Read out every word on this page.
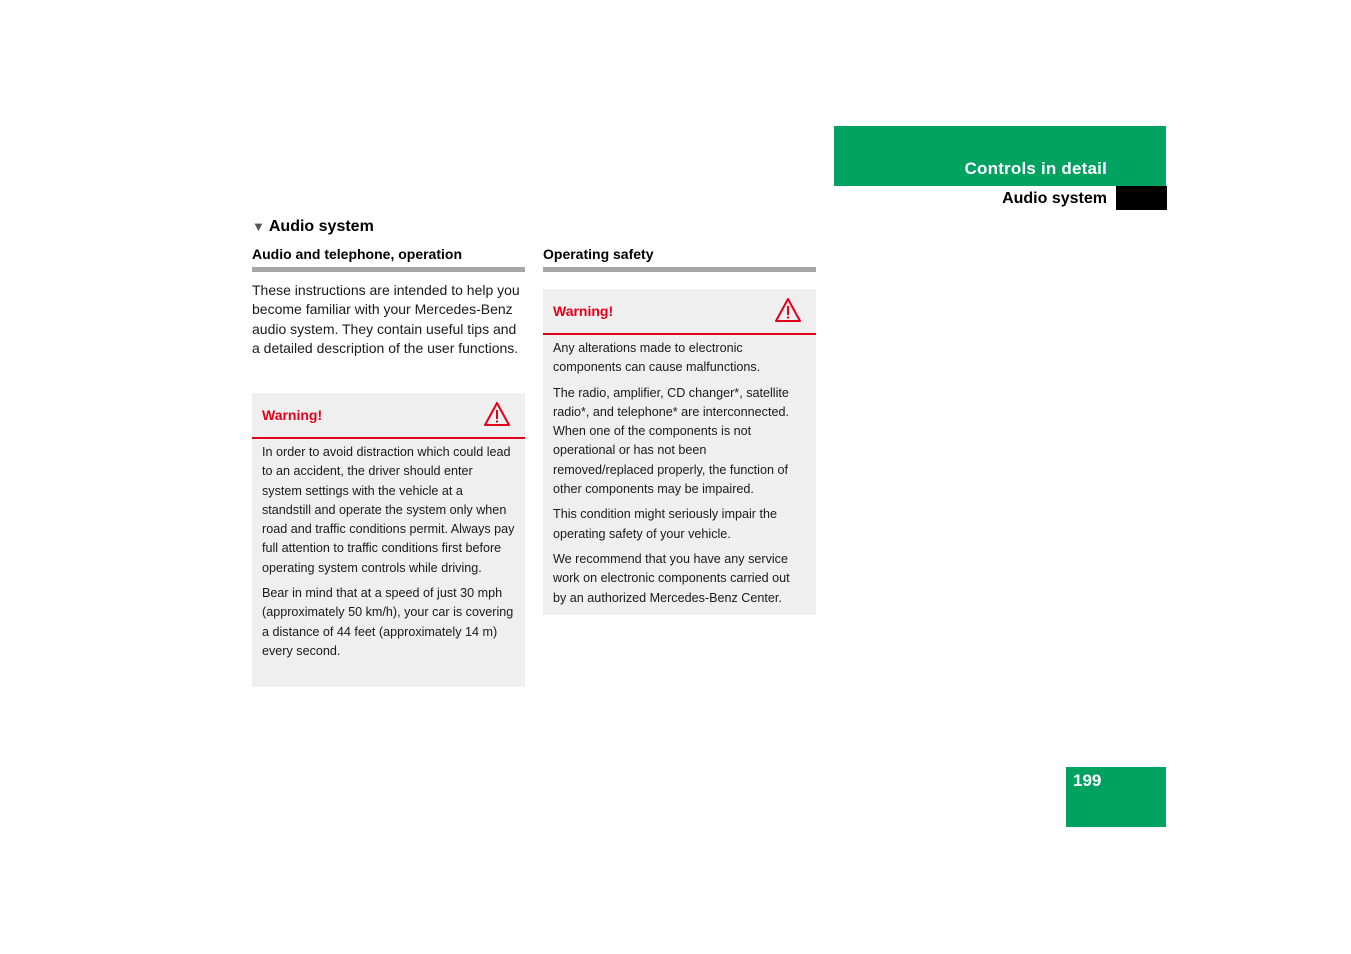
Controls in detail
Audio system
▼ Audio system
Audio and telephone, operation	Operating safety

These instructions are intended to help you become familiar with your Mercedes-Benz audio system. They contain useful tips and a detailed description of the user functions.

Warning!

In order to avoid distraction which could lead to an accident, the driver should enter system settings with the vehicle at a standstill and operate the system only when road and traffic conditions permit. Always pay full attention to traffic conditions first before operating system controls while driving.

Bear in mind that at a speed of just 30 mph (approximately 50 km/h), your car is covering a distance of 44 feet (approximately 14 m) every second.

Warning!

Any alterations made to electronic components can cause malfunctions.

The radio, amplifier, CD changer*, satellite radio*, and telephone* are interconnected. When one of the components is not operational or has not been removed/replaced properly, the function of other components may be impaired.

This condition might seriously impair the operating safety of your vehicle.

We recommend that you have any service work on electronic components carried out by an authorized Mercedes-Benz Center.

199
